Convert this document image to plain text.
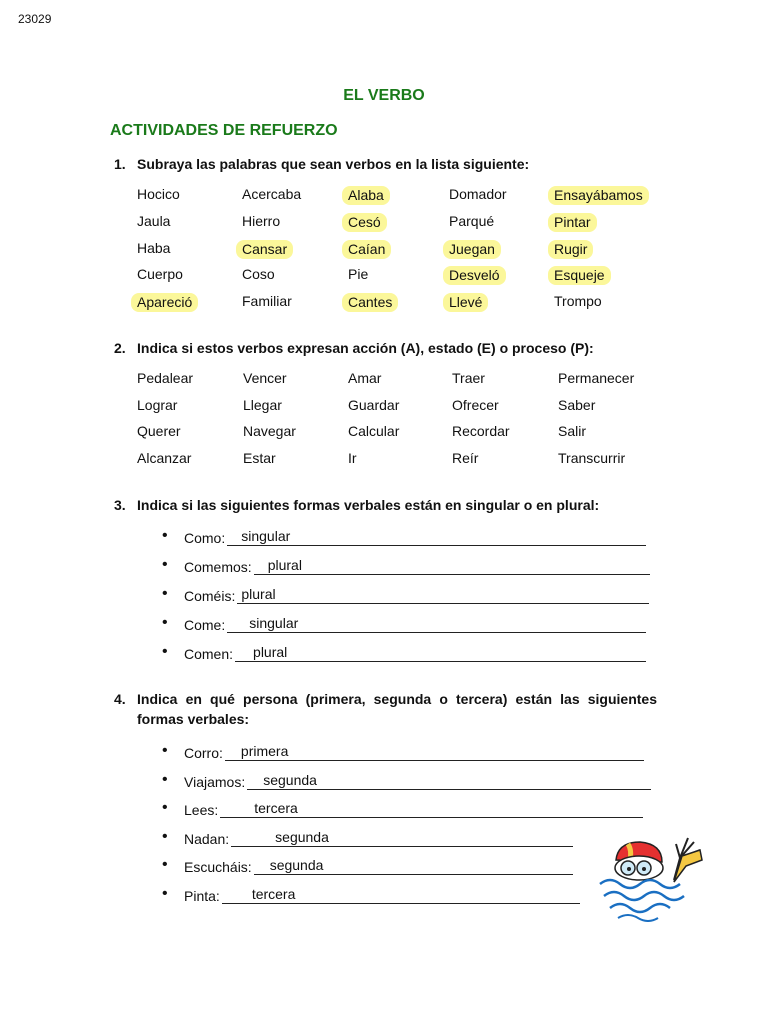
23029
EL VERBO
ACTIVIDADES DE REFUERZO
1. Subraya las palabras que sean verbos en la lista siguiente:
Hocico	Acercaba	Alaba	Domador	Ensayábamos
Jaula	Hierro	Cesó	Parqué	Pintar
Haba	Cansar	Caían	Juegan	Rugir
Cuerpo	Coso	Pie	Desveló	Esqueje
Apareció	Familiar	Cantes	Llevé	Trompo
2. Indica si estos verbos expresan acción (A), estado (E) o proceso (P):
Pedalear	Vencer	Amar	Traer	Permanecer
Lograr	Llegar	Guardar	Ofrecer	Saber
Querer	Navegar	Calcular	Recordar	Salir
Alcanzar	Estar	Ir	Reír	Transcurrir
3. Indica si las siguientes formas verbales están en singular o en plural:
• Como: singular
• Comemos: plural
• Coméis: plural
• Come: singular
• Comen: plural
4. Indica en qué persona (primera, segunda o tercera) están las siguientes formas verbales:
• Corro: primera
• Viajamos: segunda
• Lees:	tercera
• Nadan:	segunda
• Escucháis: segunda
• Pinta: tercera
